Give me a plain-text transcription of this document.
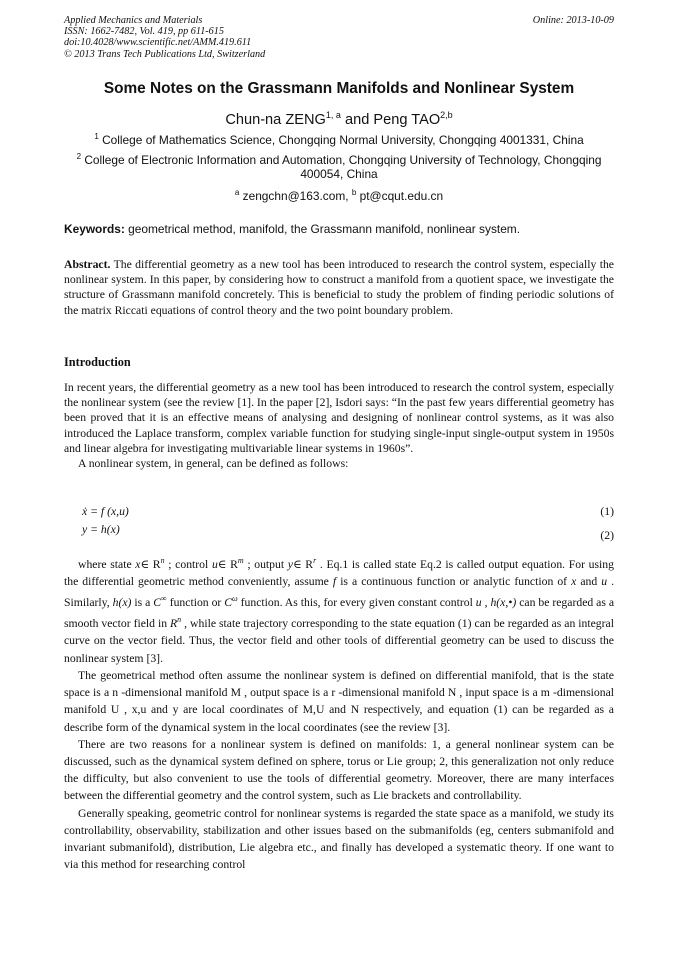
Applied Mechanics and Materials
ISSN: 1662-7482, Vol. 419, pp 611-615
doi:10.4028/www.scientific.net/AMM.419.611
© 2013 Trans Tech Publications Ltd, Switzerland
Online: 2013-10-09
Some Notes on the Grassmann Manifolds and Nonlinear System
Chun-na ZENG$^{1, a}$ and Peng TAO$^{2,b}$
$^1$ College of Mathematics Science, Chongqing Normal University, Chongqing 4001331, China
$^2$ College of Electronic Information and Automation, Chongqing University of Technology, Chongqing 400054, China
$^a$ zengchn@163.com, $^b$ pt@cqut.edu.cn
Keywords: geometrical method, manifold, the Grassmann manifold, nonlinear system.
Abstract. The differential geometry as a new tool has been introduced to research the control system, especially the nonlinear system. In this paper, by considering how to construct a manifold from a quotient space, we investigate the structure of Grassmann manifold concretely. This is beneficial to study the problem of finding periodic solutions of the matrix Riccati equations of control theory and the two point boundary problem.
Introduction

In recent years, the differential geometry as a new tool has been introduced to research the control system, especially the nonlinear system (see the review [1]. In the paper [2], Isdori says: “In the past few years differential geometry has been proved that it is an effective means of analysing and designing of nonlinear control systems, as it was also introduced the Laplace transform, complex variable function for studying single-input single-output system in 1950s and linear algebra for investigating multivariable linear systems in 1960s”.

A nonlinear system, in general, can be defined as follows:

ẋ = f (x,u)	(1)
y = h(x)	(2)

where state x∈ $R^n$ ; control u∈ $R^m$ ; output y∈ $R^r$ . Eq.1 is called state Eq.2 is called output equation. For using the differential geometric method conveniently, assume f is a continuous function or analytic function of x and u . Similarly, h(x) is a C∞ function or $C^\omega$ function. As this, for every given constant control u , h(x,•) can be regarded as a smooth vector field in $R^n$ , while state trajectory corresponding to the state equation (1) can be regarded as an integral curve on the vector field. Thus, the vector field and other tools of differential geometry can be used to discuss the nonlinear system [3].

The geometrical method often assume the nonlinear system is defined on differential manifold, that is the state space is a n -dimensional manifold M , output space is a r -dimensional manifold N , input space is a m -dimensional manifold U , x,u and y are local coordinates of M,U and N respectively, and equation (1) can be regarded as a describe form of the dynamical system in the local coordinates (see the review [3].

There are two reasons for a nonlinear system is defined on manifolds: 1, a general nonlinear system can be discussed, such as the dynamical system defined on sphere, torus or Lie group; 2, this generalization not only reduce the difficulty, but also convenient to use the tools of differential geometry. Moreover, there are many interfaces between the differential geometry and the control system, such as Lie brackets and controllability.

Generally speaking, geometric control for nonlinear systems is regarded the state space as a manifold, we study its controllability, observability, stabilization and other issues based on the submanifolds (eg, centers submanifold and invariant submanifold), distribution, Lie algebra etc., and finally has developed a systematic theory. If one want to via this method for researching control
